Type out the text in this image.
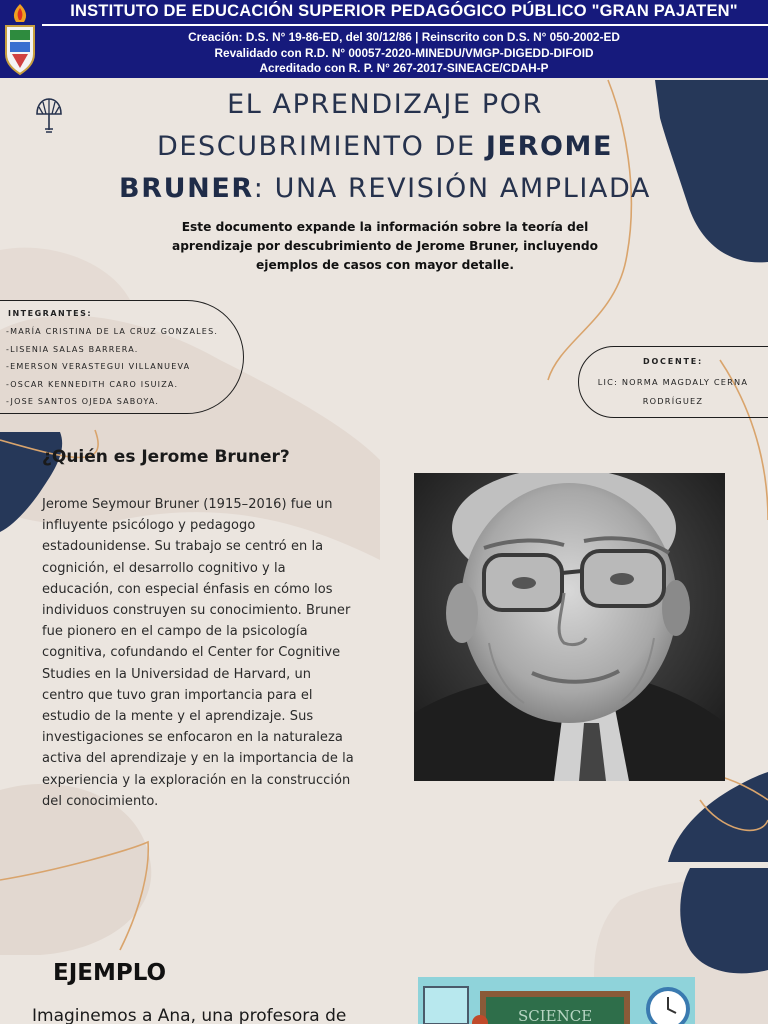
INSTITUTO DE EDUCACIÓN SUPERIOR PEDAGÓGICO PÚBLICO "GRAN PAJATEN"
Creación: D.S. N° 19-86-ED, del 30/12/86 | Reinscrito con D.S. N° 050-2002-ED
Revalidado con R.D. N° 00057-2020-MINEDU/VMGP-DIGEDD-DIFOID
Acreditado con R. P. N° 267-2017-SINEACE/CDAH-P
EL APRENDIZAJE POR
DESCUBRIMIENTO DE JEROME
BRUNER: UNA REVISIÓN AMPLIADA
Este documento expande la información sobre la teoría del aprendizaje por descubrimiento de Jerome Bruner, incluyendo ejemplos de casos con mayor detalle.
INTEGRANTES:
-MARÍA CRISTINA DE LA CRUZ GONZALES.
-LISENIA SALAS BARRERA.
-EMERSON VERASTEGUI VILLANUEVA
-OSCAR KENNEDITH CARO ISUIZA.
-JOSE SANTOS OJEDA SABOYA.
DOCENTE:
LIC: NORMA MAGDALY CERNA RODRÍGUEZ
¿Quién es Jerome Bruner?
Jerome Seymour Bruner (1915–2016) fue un influyente psicólogo y pedagogo estadounidense. Su trabajo se centró en la cognición, el desarrollo cognitivo y la educación, con especial énfasis en cómo los individuos construyen su conocimiento. Bruner fue pionero en el campo de la psicología cognitiva, cofundando el Center for Cognitive Studies en la Universidad de Harvard, un centro que tuvo gran importancia para el estudio de la mente y el aprendizaje. Sus investigaciones se enfocaron en la naturaleza activa del aprendizaje y en la importancia de la experiencia y la exploración en la construcción del conocimiento.
EJEMPLO
Imaginemos a Ana, una profesora de	SCIENCE
